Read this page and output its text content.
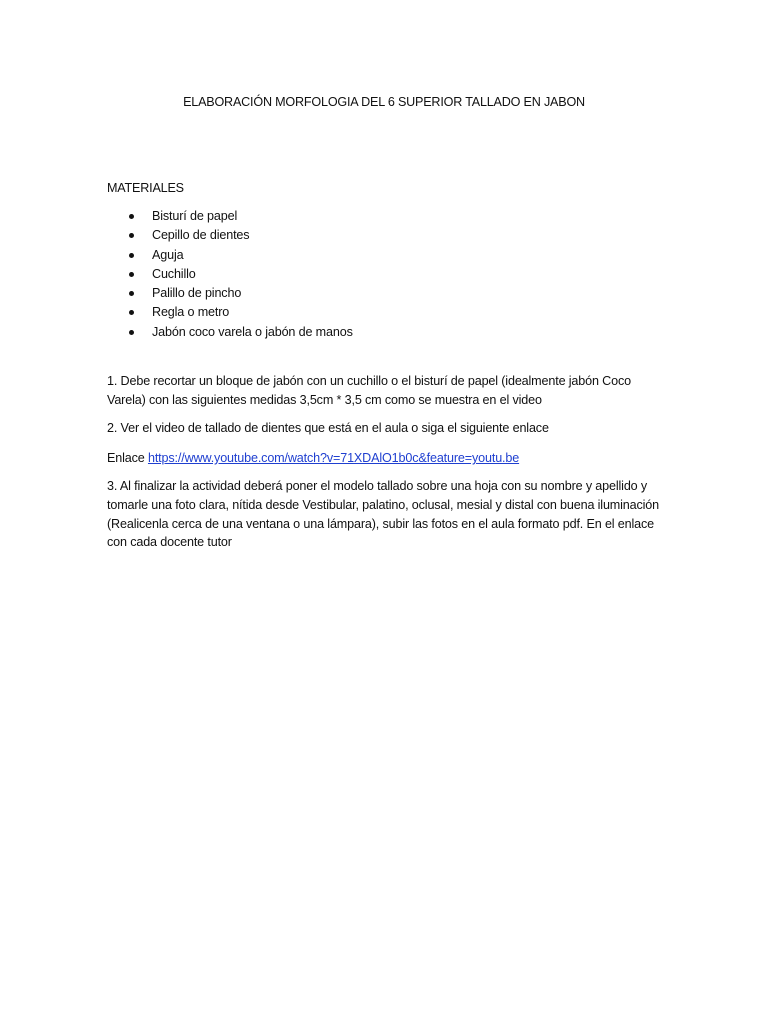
ELABORACIÓN MORFOLOGIA DEL 6 SUPERIOR TALLADO EN JABON
MATERIALES
Bisturí de papel
Cepillo de dientes
Aguja
Cuchillo
Palillo de pincho
Regla o metro
Jabón coco varela o jabón de manos

1. Debe recortar un bloque de jabón con un cuchillo o el bisturí de papel (idealmente jabón Coco Varela) con las siguientes medidas 3,5cm * 3,5 cm como se muestra en el video

2. Ver el video de tallado de dientes que está en el aula o siga el siguiente enlace

Enlace https://www.youtube.com/watch?v=71XDAlO1b0c&feature=youtu.be

3. Al finalizar la actividad deberá poner el modelo tallado sobre una hoja con su nombre y apellido y tomarle una foto clara, nítida desde Vestibular, palatino, oclusal, mesial y distal con buena iluminación (Realicenla cerca de una ventana o una lámpara), subir las fotos en el aula formato pdf. En el enlace con cada docente tutor
